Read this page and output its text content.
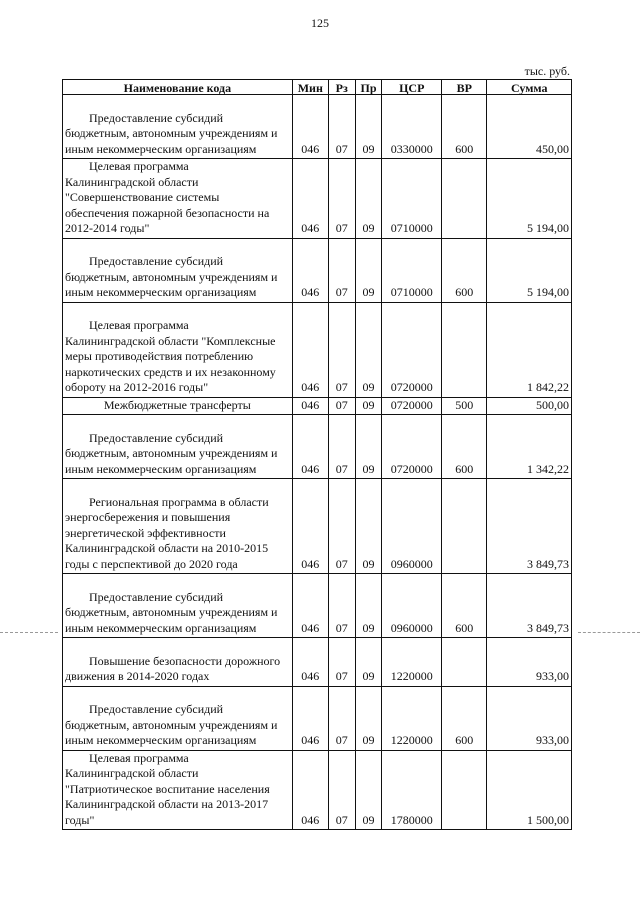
125
тыс. руб.
Наименование кода	Мин	Рз	Пр	ЦСР	ВР	Сумма

Предоставление субсидий
бюджетным, автономным учреждениям и
иным некоммерческим организациям	046	07	09	0330000	600	450,00

Целевая программа
Калининградской области
"Совершенствование системы
обеспечения пожарной безопасности на
2012-2014 годы"	046	07	09	0710000		5 194,00

Предоставление субсидий
бюджетным, автономным учреждениям и
иным некоммерческим организациям	046	07	09	0710000	600	5 194,00

Целевая программа
Калининградской области "Комплексные
меры противодействия потреблению
наркотических средств и их незаконному
обороту на 2012-2016 годы"	046	07	09	0720000		1 842,22

Межбюджетные трансферты	046	07	09	0720000	500	500,00

Предоставление субсидий
бюджетным, автономным учреждениям и
иным некоммерческим организациям	046	07	09	0720000	600	1 342,22

Региональная программа в области
энергосбережения и повышения
энергетической эффективности
Калининградской области на 2010-2015
годы с перспективой до 2020 года	046	07	09	0960000		3 849,73

Предоставление субсидий
бюджетным, автономным учреждениям и
иным некоммерческим организациям	046	07	09	0960000	600	3 849,73

Повышение безопасности дорожного
движения в 2014-2020 годах	046	07	09	1220000		933,00

Предоставление субсидий
бюджетным, автономным учреждениям и
иным некоммерческим организациям	046	07	09	1220000	600	933,00

Целевая программа
Калининградской области
"Патриотическое воспитание населения
Калининградской области на 2013-2017
годы"	046	07	09	1780000		1 500,00
